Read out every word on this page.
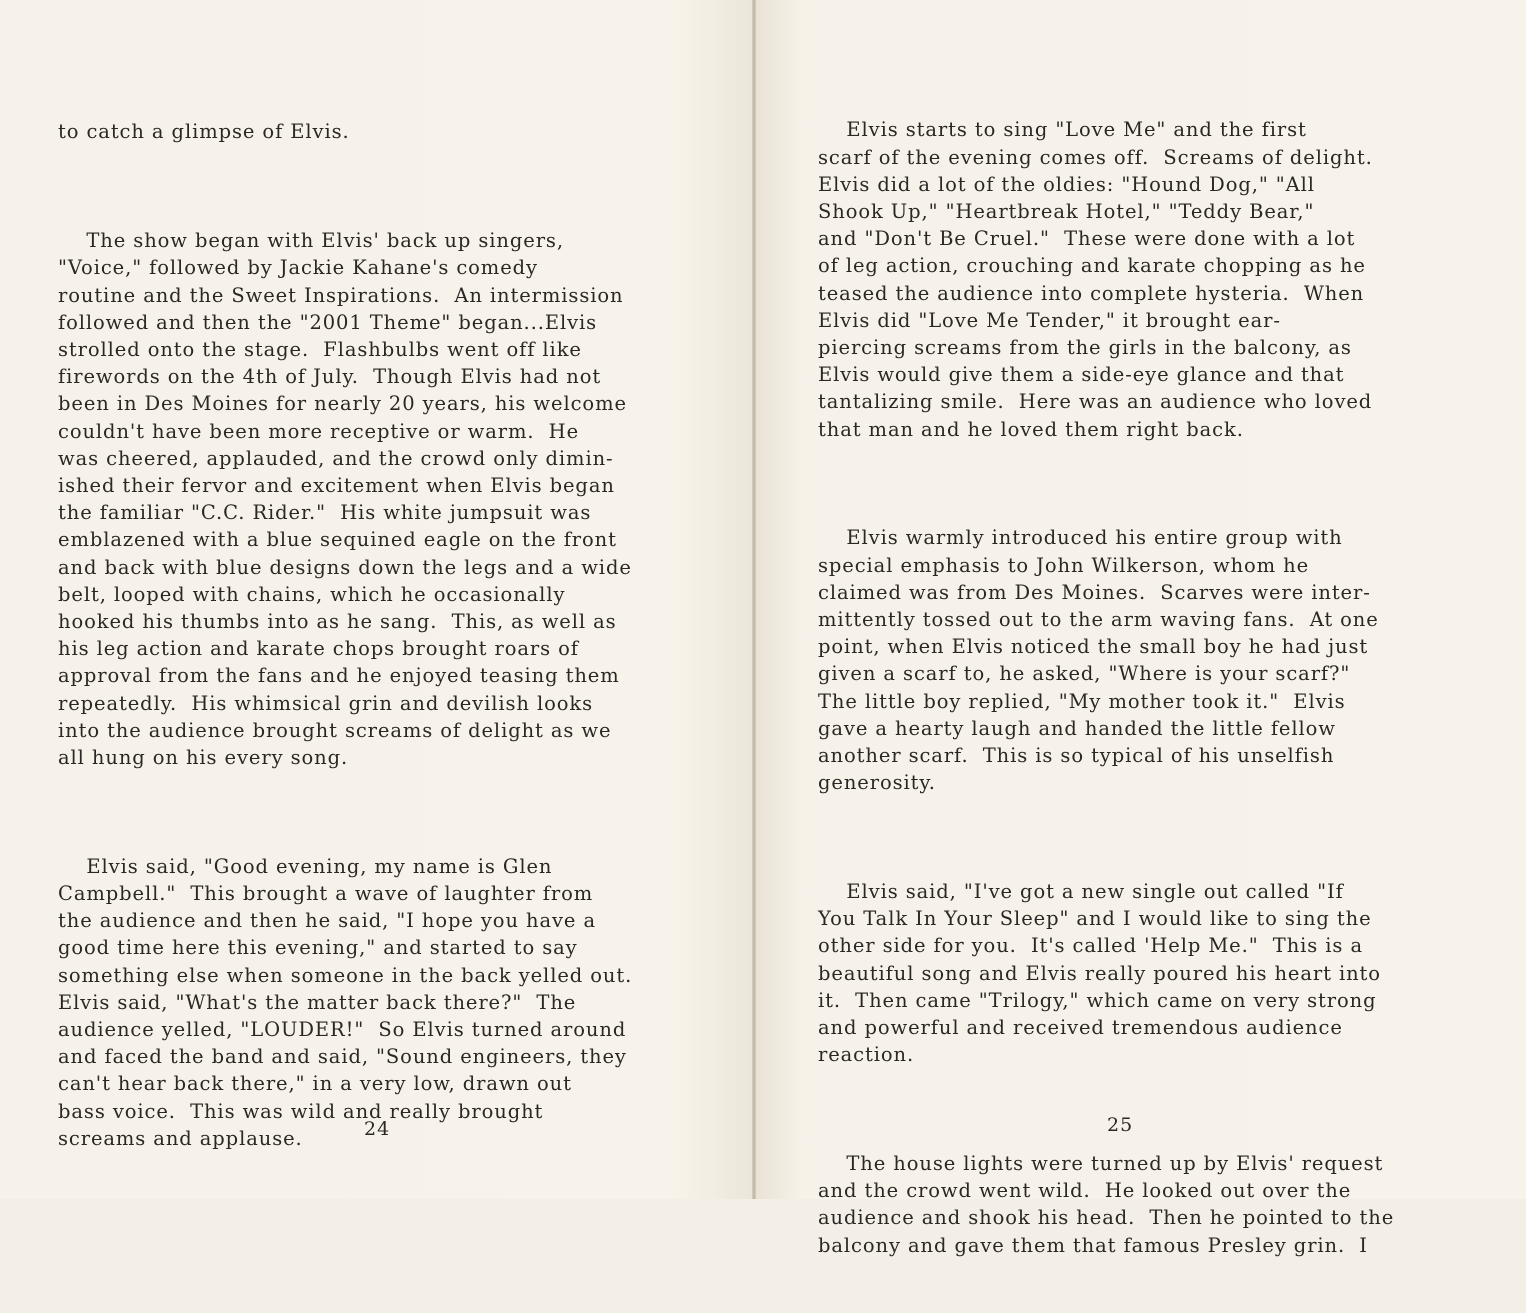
to catch a glimpse of Elvis.

The show began with Elvis' back up singers,
"Voice," followed by Jackie Kahane's comedy
routine and the Sweet Inspirations.  An intermission
followed and then the "2001 Theme" began...Elvis
strolled onto the stage.  Flashbulbs went off like
firewords on the 4th of July.  Though Elvis had not
been in Des Moines for nearly 20 years, his welcome
couldn't have been more receptive or warm.  He
was cheered, applauded, and the crowd only dimin-
ished their fervor and excitement when Elvis began
the familiar "C.C. Rider."  His white jumpsuit was
emblazened with a blue sequined eagle on the front
and back with blue designs down the legs and a wide
belt, looped with chains, which he occasionally
hooked his thumbs into as he sang.  This, as well as
his leg action and karate chops brought roars of
approval from the fans and he enjoyed teasing them
repeatedly.  His whimsical grin and devilish looks
into the audience brought screams of delight as we
all hung on his every song.

Elvis said, "Good evening, my name is Glen
Campbell."  This brought a wave of laughter from
the audience and then he said, "I hope you have a
good time here this evening," and started to say
something else when someone in the back yelled out.
Elvis said, "What's the matter back there?"  The
audience yelled, "LOUDER!"  So Elvis turned around
and faced the band and said, "Sound engineers, they
can't hear back there," in a very low, drawn out
bass voice.  This was wild and really brought
screams and applause.

	24

Elvis starts to sing "Love Me" and the first
scarf of the evening comes off.  Screams of delight.
Elvis did a lot of the oldies: "Hound Dog," "All
Shook Up," "Heartbreak Hotel," "Teddy Bear,"
and "Don't Be Cruel."  These were done with a lot
of leg action, crouching and karate chopping as he
teased the audience into complete hysteria.  When
Elvis did "Love Me Tender," it brought ear-
piercing screams from the girls in the balcony, as
Elvis would give them a side-eye glance and that
tantalizing smile.  Here was an audience who loved
that man and he loved them right back.

Elvis warmly introduced his entire group with
special emphasis to John Wilkerson, whom he
claimed was from Des Moines.  Scarves were inter-
mittently tossed out to the arm waving fans.  At one
point, when Elvis noticed the small boy he had just
given a scarf to, he asked, "Where is your scarf?"
The little boy replied, "My mother took it."  Elvis
gave a hearty laugh and handed the little fellow
another scarf.  This is so typical of his unselfish
generosity.

Elvis said, "I've got a new single out called "If
You Talk In Your Sleep" and I would like to sing the
other side for you.  It's called 'Help Me."  This is a
beautiful song and Elvis really poured his heart into
it.  Then came "Trilogy," which came on very strong
and powerful and received tremendous audience
reaction.

The house lights were turned up by Elvis' request
and the crowd went wild.  He looked out over the
audience and shook his head.  Then he pointed to the
balcony and gave them that famous Presley grin.  I

25
